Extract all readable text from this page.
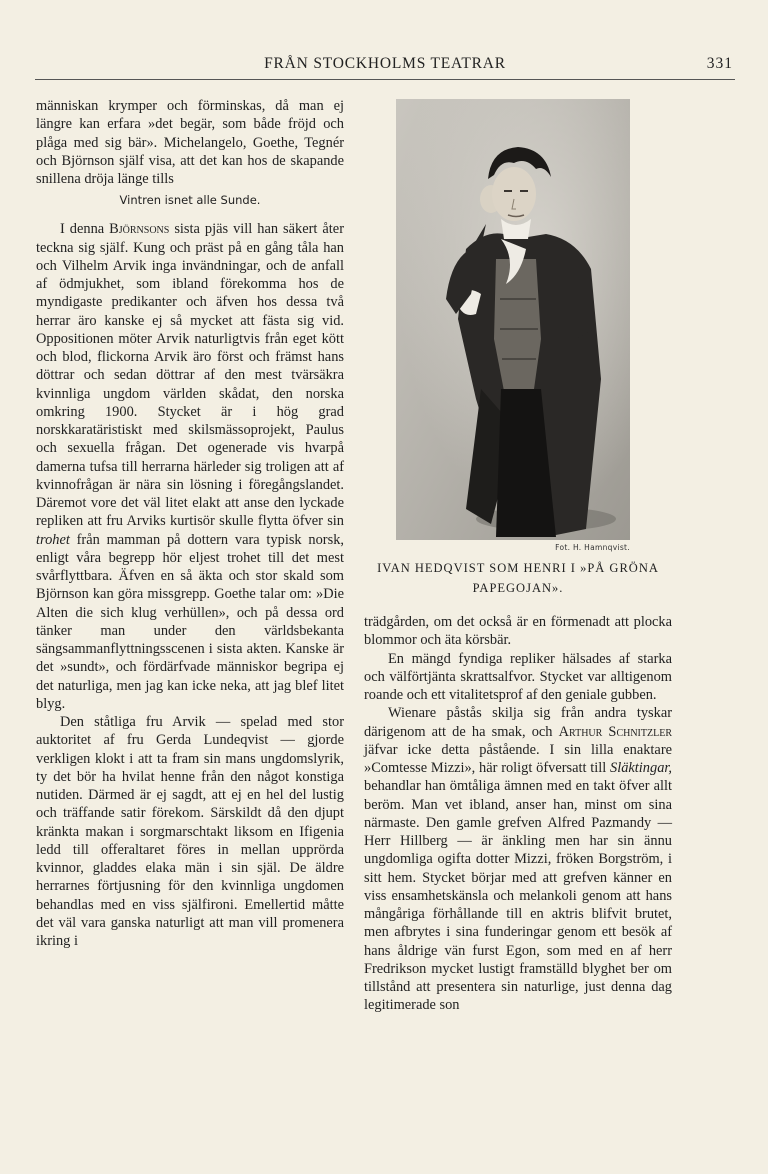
FRÅN STOCKHOLMS TEATRAR	331

människan krymper och förminskas, då man ej längre kan erfara »det begär, som både fröjd och plåga med sig bär». Michelangelo, Goethe, Tegnér och Björnson själf visa, att det kan hos de skapande snillena dröja länge tills

Vintren isnet alle Sunde.

I denna Björnsons sista pjäs vill han säkert åter teckna sig själf. Kung och präst på en gång tåla han och Vilhelm Arvik inga invändningar, och de anfall af ödmjukhet, som ibland förekomma hos de myndigaste predikanter och äfven hos dessa två herrar äro kanske ej så mycket att fästa sig vid. Oppositionen möter Arvik naturligtvis från eget kött och blod, flickorna Arvik äro först och främst hans döttrar och sedan döttrar af den mest tvärsäkra kvinnliga ungdom världen skådat, den norska omkring 1900. Stycket är i hög grad norskkaratäristiskt med skilsmässoprojekt, Paulus och sexuella frågan. Det ogenerade vis hvarpå damerna tufsa till herrarna härleder sig troligen att af kvinnofrågan är nära sin lösning i föregångslandet. Däremot vore det väl litet elakt att anse den lyckade repliken att fru Arviks kurtisör skulle flytta öfver sin trohet från mamman på dottern vara typisk norsk, enligt våra begrepp hör eljest trohet till det mest svårflyttbara. Äfven en så äkta och stor skald som Björnson kan göra missgrepp. Goethe talar om: »Die Alten die sich klug verhüllen», och på dessa ord tänker man under den världsbekanta sängsammanflyttningsscenen i sista akten. Kanske är det »sundt», och fördärfvade människor begripa ej det naturliga, men jag kan icke neka, att jag blef litet blyg.

Den ståtliga fru Arvik — spelad med stor auktoritet af fru Gerda Lundeqvist — gjorde verkligen klokt i att ta fram sin mans ungdomslyrik, ty det bör ha hvilat henne från den något konstiga nutiden. Därmed är ej sagdt, att ej en hel del lustig och träffande satir förekom. Särskildt då den djupt kränkta makan i sorgmarschtakt liksom en Ifigenia ledd till offeraltaret föres in mellan upprörda kvinnor, gladdes elaka män i sin själ. De äldre herrarnes förtjusning för den kvinnliga ungdomen behandlas med en viss själfironi. Emellertid måtte det väl vara ganska naturligt att man vill promenera ikring i

Fot. H. Hamnqvist.
IVAN HEDQVIST SOM HENRI I »PÅ GRÖNA PAPEGOJAN».

trädgården, om det också är en förmenadt att plocka blommor och äta körsbär.

En mängd fyndiga repliker hälsades af starka och välförtjänta skrattsalfvor. Stycket var alltigenom roande och ett vitalitetsprof af den geniale gubben.

Wienare påstås skilja sig från andra tyskar därigenom att de ha smak, och Arthur Schnitzler jäfvar icke detta påstående. I sin lilla enaktare »Comtesse Mizzi», här roligt öfversatt till Släktingar, behandlar han ömtåliga ämnen med en takt öfver allt beröm. Man vet ibland, anser han, minst om sina närmaste. Den gamle grefven Alfred Pazmandy — Herr Hillberg — är änkling men har sin ännu ungdomliga ogifta dotter Mizzi, fröken Borgström, i sitt hem. Stycket börjar med att grefven känner en viss ensamhetskänsla och melankoli genom att hans mångåriga förhållande till en aktris blifvit brutet, men afbrytes i sina funderingar genom ett besök af hans åldrige vän furst Egon, som med en af herr Fredrikson mycket lustigt framställd blyghet ber om tillstånd att presentera sin naturlige, just denna dag legitimerade son
